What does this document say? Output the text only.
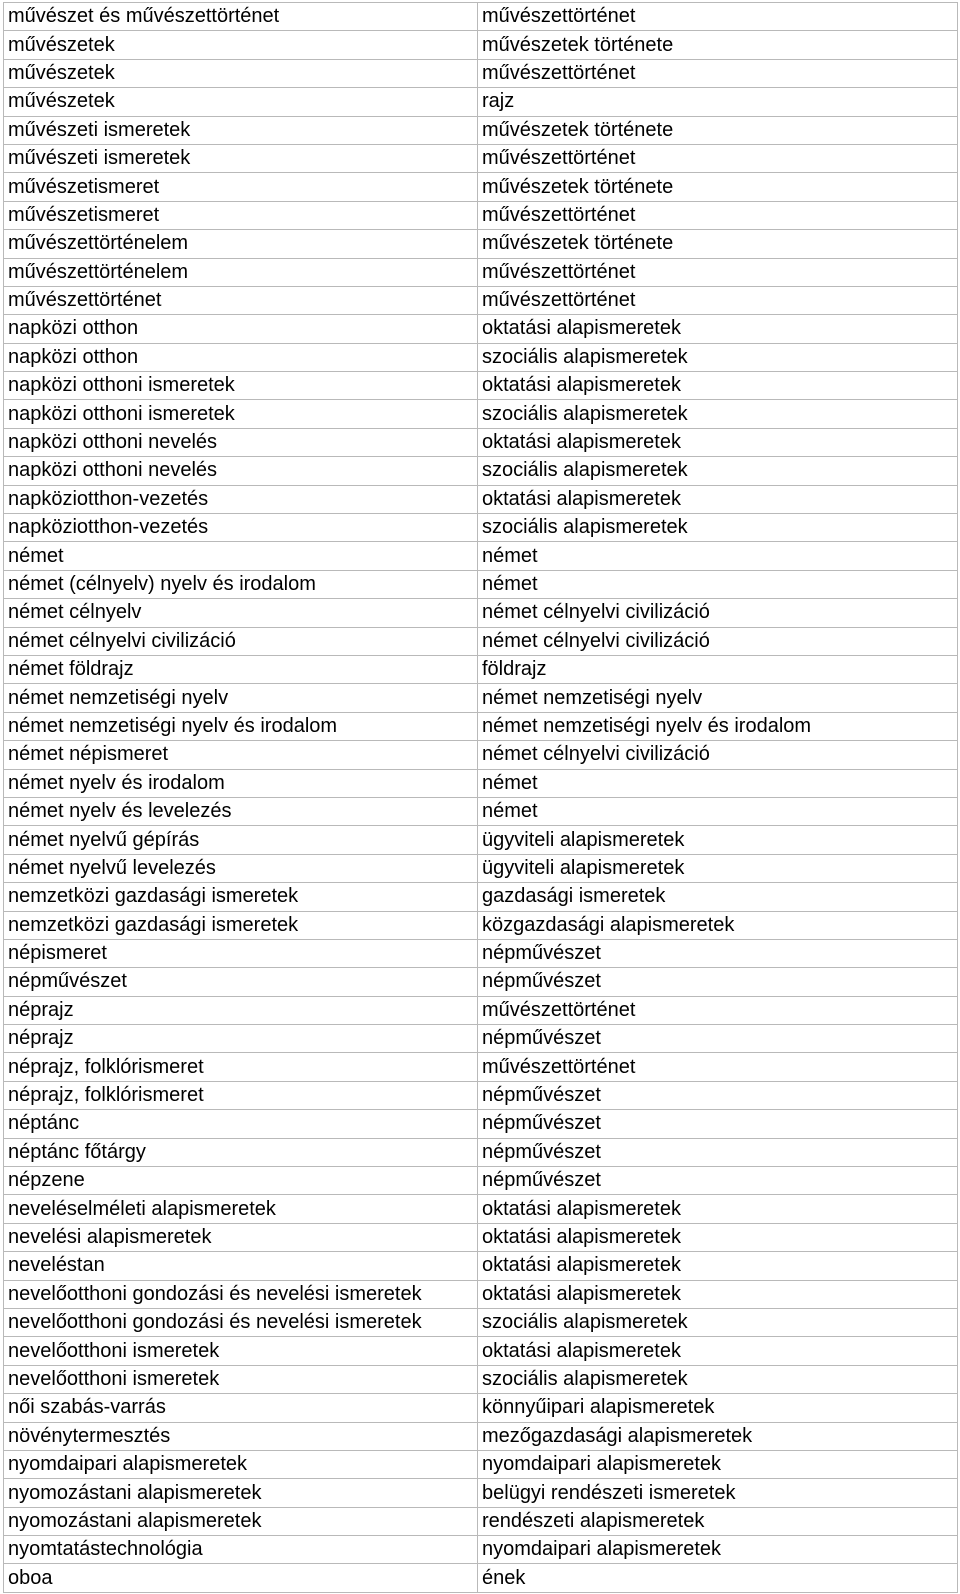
művészet és művészettörténet	művészettörténet
művészetek	művészetek története
művészetek	művészettörténet
művészetek	rajz
művészeti ismeretek	művészetek története
művészeti ismeretek	művészettörténet
művészetismeret	művészetek története
művészetismeret	művészettörténet
művészettörténelem	művészetek története
művészettörténelem	művészettörténet
művészettörténet	művészettörténet
napközi otthon	oktatási alapismeretek
napközi otthon	szociális alapismeretek
napközi otthoni ismeretek	oktatási alapismeretek
napközi otthoni ismeretek	szociális alapismeretek
napközi otthoni nevelés	oktatási alapismeretek
napközi otthoni nevelés	szociális alapismeretek
napköziotthon-vezetés	oktatási alapismeretek
napköziotthon-vezetés	szociális alapismeretek
német	német
német (célnyelv) nyelv és irodalom	német
német célnyelv	német célnyelvi civilizáció
német célnyelvi civilizáció	német célnyelvi civilizáció
német földrajz	földrajz
német nemzetiségi nyelv	német nemzetiségi nyelv
német nemzetiségi nyelv és irodalom	német nemzetiségi nyelv és irodalom
német népismeret	német célnyelvi civilizáció
német nyelv és irodalom	német
német nyelv és levelezés	német
német nyelvű gépírás	ügyviteli alapismeretek
német nyelvű levelezés	ügyviteli alapismeretek
nemzetközi gazdasági ismeretek	gazdasági ismeretek
nemzetközi gazdasági ismeretek	közgazdasági alapismeretek
népismeret	népművészet
népművészet	népművészet
néprajz	művészettörténet
néprajz	népművészet
néprajz, folklórismeret	művészettörténet
néprajz, folklórismeret	népművészet
néptánc	népművészet
néptánc főtárgy	népművészet
népzene	népművészet
neveléselméleti alapismeretek	oktatási alapismeretek
nevelési alapismeretek	oktatási alapismeretek
neveléstan	oktatási alapismeretek
nevelőotthoni gondozási és nevelési ismeretek	oktatási alapismeretek
nevelőotthoni gondozási és nevelési ismeretek	szociális alapismeretek
nevelőotthoni ismeretek	oktatási alapismeretek
nevelőotthoni ismeretek	szociális alapismeretek
női szabás-varrás	könnyűipari alapismeretek
növénytermesztés	mezőgazdasági alapismeretek
nyomdaipari alapismeretek	nyomdaipari alapismeretek
nyomozástani alapismeretek	belügyi rendészeti ismeretek
nyomozástani alapismeretek	rendészeti alapismeretek
nyomtatástechnológia	nyomdaipari alapismeretek
oboa	ének
